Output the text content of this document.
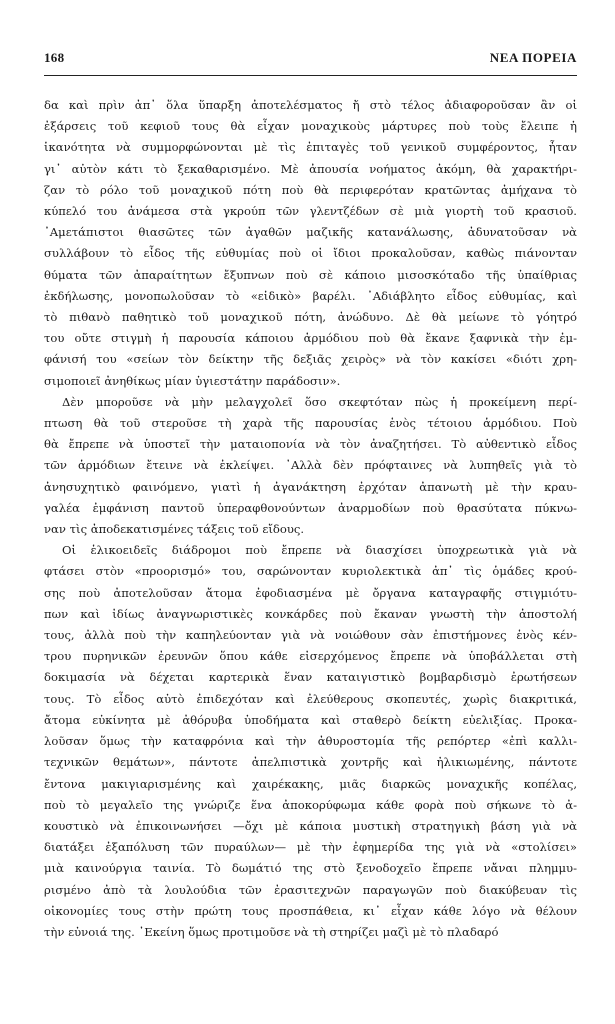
168	ΝΕΑ ΠΟΡΕΙΑ

δα καὶ πρὶν ἀπ᾿ ὅλα ὕπαρξη ἀποτελέσματος ἤ στὸ τέλος ἀδιαφοροῦσαν ἂν οἱ
ἐξάρσεις τοῦ κεφιοῦ τους θὰ εἶχαν μοναχικοὺς μάρτυρες ποὺ τοὺς ἔλειπε ἡ
ἱκανότητα νὰ συμμορφώνονται μὲ τὶς ἐπιταγὲς τοῦ γενικοῦ συμφέροντος, ἦταν
γι᾿ αὐτὸν κάτι τὸ ξεκαθαρισμένο. Μὲ ἀπουσία νοήματος ἀκόμη, θὰ χαρακτήρι-
ζαν τὸ ρόλο τοῦ μοναχικοῦ πότη ποὺ θὰ περιφερόταν κρατῶντας ἀμήχανα τὸ
κύπελό του ἀνάμεσα στὰ γκρούπ τῶν γλεντζέδων σὲ μιὰ γιορτὴ τοῦ κρασιοῦ.
᾿Αμετάπιστοι θιασῶτες τῶν ἀγαθῶν μαζικῆς κατανάλωσης, ἀδυνατοῦσαν νὰ
συλλάβουν τὸ εἶδος τῆς εὐθυμίας ποὺ οἱ ἴδιοι προκαλοῦσαν, καθὼς πιάνονταν
θύματα τῶν ἀπαραίτητων ἔξυπνων ποὺ σὲ κάποιο μισοσκόταδο τῆς ὑπαίθριας
ἐκδήλωσης, μονοπωλοῦσαν τὸ «εἰδικὸ» βαρέλι. ᾿Αδιάβλητο εἶδος εὐθυμίας, καὶ
τὸ πιθανὸ παθητικὸ τοῦ μοναχικοῦ πότη, ἀνώδυνο. Δὲ θὰ μείωνε τὸ γόητρό
του οὔτε στιγμὴ ἡ παρουσία κάποιου ἁρμόδιου ποὺ θὰ ἔκανε ξαφνικὰ τὴν ἐμ-
φάνισή του «σείων τὸν δείκτην τῆς δεξιᾶς χειρὸς» νὰ τὸν κακίσει «διότι χρη-
σιμοποιεῖ ἀνηθίκως μίαν ὑγιεστάτην παράδοσιν».

Δὲν μποροῦσε νὰ μὴν μελαγχολεῖ ὅσο σκεφτόταν πὼς ἡ προκείμενη περί-
πτωση θὰ τοῦ στεροῦσε τὴ χαρὰ τῆς παρουσίας ἑνὸς τέτοιου ἁρμόδιου. Ποὺ
θὰ ἔπρεπε νὰ ὑποστεῖ τὴν ματαιοπονία νὰ τὸν ἀναζητήσει. Τὸ αὐθεντικὸ εἶδος
τῶν ἁρμόδιων ἔτεινε νὰ ἐκλείψει. ᾿Αλλὰ δὲν πρόφταινες νὰ λυπηθεῖς γιὰ τὸ
ἀνησυχητικὸ φαινόμενο, γιατὶ ἡ ἀγανάκτηση ἐρχόταν ἀπανωτὴ μὲ τὴν κραυ-
γαλέα ἐμφάνιση παντοῦ ὑπεραφθονούντων ἀναρμοδίων ποὺ θρασύτατα πύκνω-
ναν τὶς ἀποδεκατισμένες τάξεις τοῦ εἴδους.

Οἱ ἑλικοειδεῖς διάδρομοι ποὺ ἔπρεπε νὰ διασχίσει ὑποχρεωτικὰ γιὰ νὰ
φτάσει στὸν «προορισμό» του, σαρώνονταν κυριολεκτικὰ ἀπ᾿ τὶς ὁμάδες κρού-
σης ποὺ ἀποτελοῦσαν ἄτομα ἐφοδιασμένα μὲ ὄργανα καταγραφῆς στιγμιότυ-
πων καὶ ἰδίως ἀναγνωριστικὲς κονκάρδες ποὺ ἔκαναν γνωστὴ τὴν ἀποστολή
τους, ἀλλὰ ποὺ τὴν καπηλεύονταν γιὰ νὰ νοιώθουν σὰν ἐπιστήμονες ἑνὸς κέν-
τρου πυρηνικῶν ἐρευνῶν ὅπου κάθε εἰσερχόμενος ἔπρεπε νὰ ὑποβάλλεται στὴ
δοκιμασία νὰ δέχεται καρτερικὰ ἕναν καταιγιστικὸ βομβαρδισμὸ ἐρωτήσεων
τους. Τὸ εἶδος αὐτὸ ἐπιδεχόταν καὶ ἐλεύθερους σκοπευτές, χωρὶς διακριτικά,
ἄτομα εὐκίνητα μὲ ἀθόρυβα ὑποδήματα καὶ σταθερὸ δείκτη εὐελιξίας. Προκα-
λοῦσαν ὅμως τὴν καταφρόνια καὶ τὴν ἀθυροστομία τῆς ρεπόρτερ «ἐπὶ καλλι-
τεχνικῶν θεμάτων», πάντοτε ἀπελπιστικὰ χοντρῆς καὶ ἠλικιωμένης, πάντοτε
ἔντονα μακιγιαρισμένης καὶ χαιρέκακης, μιᾶς διαρκῶς μοναχικῆς κοπέλας,
ποὺ τὸ μεγαλεῖο της γνώριζε ἕνα ἀποκορύφωμα κάθε φορὰ ποὺ σήκωνε τὸ ἀ-
κουστικὸ νὰ ἐπικοινωνήσει —ὄχι μὲ κάποια μυστικὴ στρατηγικὴ βάση γιὰ νὰ
διατάξει ἐξαπόλυση τῶν πυραύλων— μὲ τὴν ἐφημερίδα της γιὰ νὰ «στολίσει»
μιὰ καινούργια ταινία. Τὸ δωμάτιό της στὸ ξενοδοχεῖο ἔπρεπε νἄναι πλημμυ-
ρισμένο ἀπὸ τὰ λουλούδια τῶν ἐρασιτεχνῶν παραγωγῶν ποὺ διακύβευαν τὶς
οἰκονομίες τους στὴν πρώτη τους προσπάθεια, κι᾿ εἶχαν κάθε λόγο νὰ θέλουν
τὴν εὐνοιά της. ᾿Εκείνη ὅμως προτιμοῦσε νὰ τὴ στηρίζει μαζὶ μὲ τὸ πλαδαρό
